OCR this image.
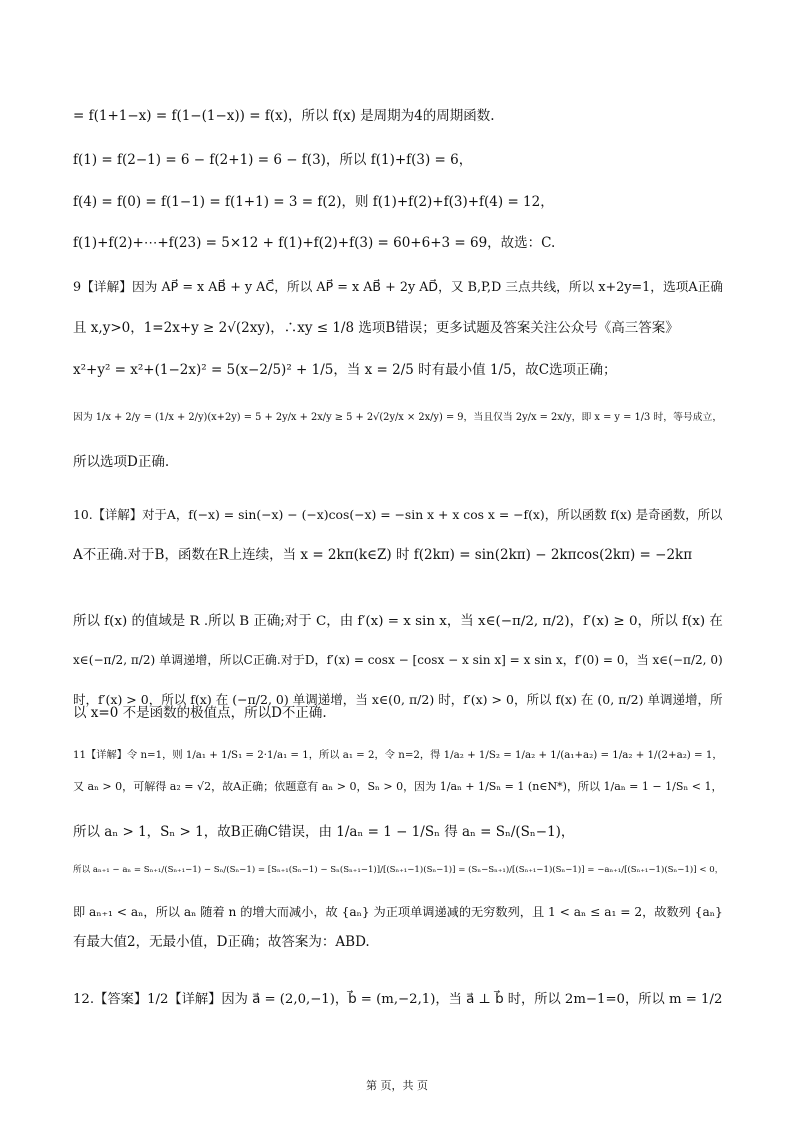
= f(1+1−x) = f(1−(1−x)) = f(x)，所以 f(x) 是周期为4的周期函数.
f(1) = f(2−1) = 6 − f(2+1) = 6 − f(3)，所以 f(1)+f(3) = 6，
f(4) = f(0) = f(1−1) = f(1+1) = 3 = f(2)，则 f(1)+f(2)+f(3)+f(4) = 12，
f(1)+f(2)+⋯+f(23) = 5×12 + f(1)+f(2)+f(3) = 60+6+3 = 69，故选：C.
9【详解】因为 AP⃗ = x AB⃗ + y AC⃗，所以 AP⃗ = x AB⃗ + 2y AD⃗，又 B,P,D 三点共线，所以 x+2y=1，选项A正确
且 x,y>0，1=2x+y ≥ 2√(2xy)，∴xy ≤ 1/8 选项B错误；更多试题及答案关注公众号《高三答案》
x²+y² = x²+(1−2x)² = 5(x−2/5)² + 1/5，当 x = 2/5 时有最小值 1/5，故C选项正确；
因为 1/x + 2/y = (1/x + 2/y)(x+2y) = 5 + 2y/x + 2x/y ≥ 5 + 2√(2y/x × 2x/y) = 9，当且仅当 2y/x = 2x/y，即 x = y = 1/3 时，等号成立，
所以选项D正确.
10.【详解】对于A，f(−x) = sin(−x) − (−x)cos(−x) = −sin x + x cos x = −f(x)，所以函数 f(x) 是奇函数，所以
A不正确.对于B，函数在R上连续，当 x = 2kπ(k∈Z) 时 f(2kπ) = sin(2kπ) − 2kπcos(2kπ) = −2kπ
所以 f(x) 的值域是 R .所以 B 正确;对于 C，由 f′(x) = x sin x，当 x∈(−π/2, π/2)，f′(x) ≥ 0，所以 f(x) 在
x∈(−π/2, π/2) 单调递增，所以C正确.对于D，f′(x) = cosx − [cosx − x sin x] = x sin x，f′(0) = 0，当 x∈(−π/2, 0)
时，f′(x) > 0，所以 f(x) 在 (−π/2, 0) 单调递增，当 x∈(0, π/2) 时，f′(x) > 0，所以 f(x) 在 (0, π/2) 单调递增，所
以 x=0 不是函数的极值点，所以D不正确.
11【详解】令 n=1，则 1/a₁ + 1/S₁ = 2·1/a₁ = 1，所以 a₁ = 2，令 n=2，得 1/a₂ + 1/S₂ = 1/a₂ + 1/(a₁+a₂) = 1/a₂ + 1/(2+a₂) = 1，
又 aₙ > 0，可解得 a₂ = √2，故A正确；依题意有 aₙ > 0，Sₙ > 0，因为 1/aₙ + 1/Sₙ = 1 (n∈N*)，所以 1/aₙ = 1 − 1/Sₙ < 1，
所以 aₙ > 1，Sₙ > 1，故B正确C错误，由 1/aₙ = 1 − 1/Sₙ 得 aₙ = Sₙ/(Sₙ−1)，
所以 aₙ₊₁ − aₙ = Sₙ₊₁/(Sₙ₊₁−1) − Sₙ/(Sₙ−1) = [Sₙ₊₁(Sₙ−1) − Sₙ(Sₙ₊₁−1)]/[(Sₙ₊₁−1)(Sₙ−1)] = (Sₙ−Sₙ₊₁)/[(Sₙ₊₁−1)(Sₙ−1)] = −aₙ₊₁/[(Sₙ₊₁−1)(Sₙ−1)] < 0，
即 aₙ₊₁ < aₙ，所以 aₙ 随着 n 的增大而减小，故 {aₙ} 为正项单调递减的无穷数列，且 1 < aₙ ≤ a₁ = 2，故数列 {aₙ}
有最大值2，无最小值，D正确；故答案为：ABD.
12.【答案】1/2【详解】因为 a⃗ = (2,0,−1)，b⃗ = (m,−2,1)，当 a⃗ ⊥ b⃗ 时，所以 2m−1=0，所以 m = 1/2
第 页，共 页
